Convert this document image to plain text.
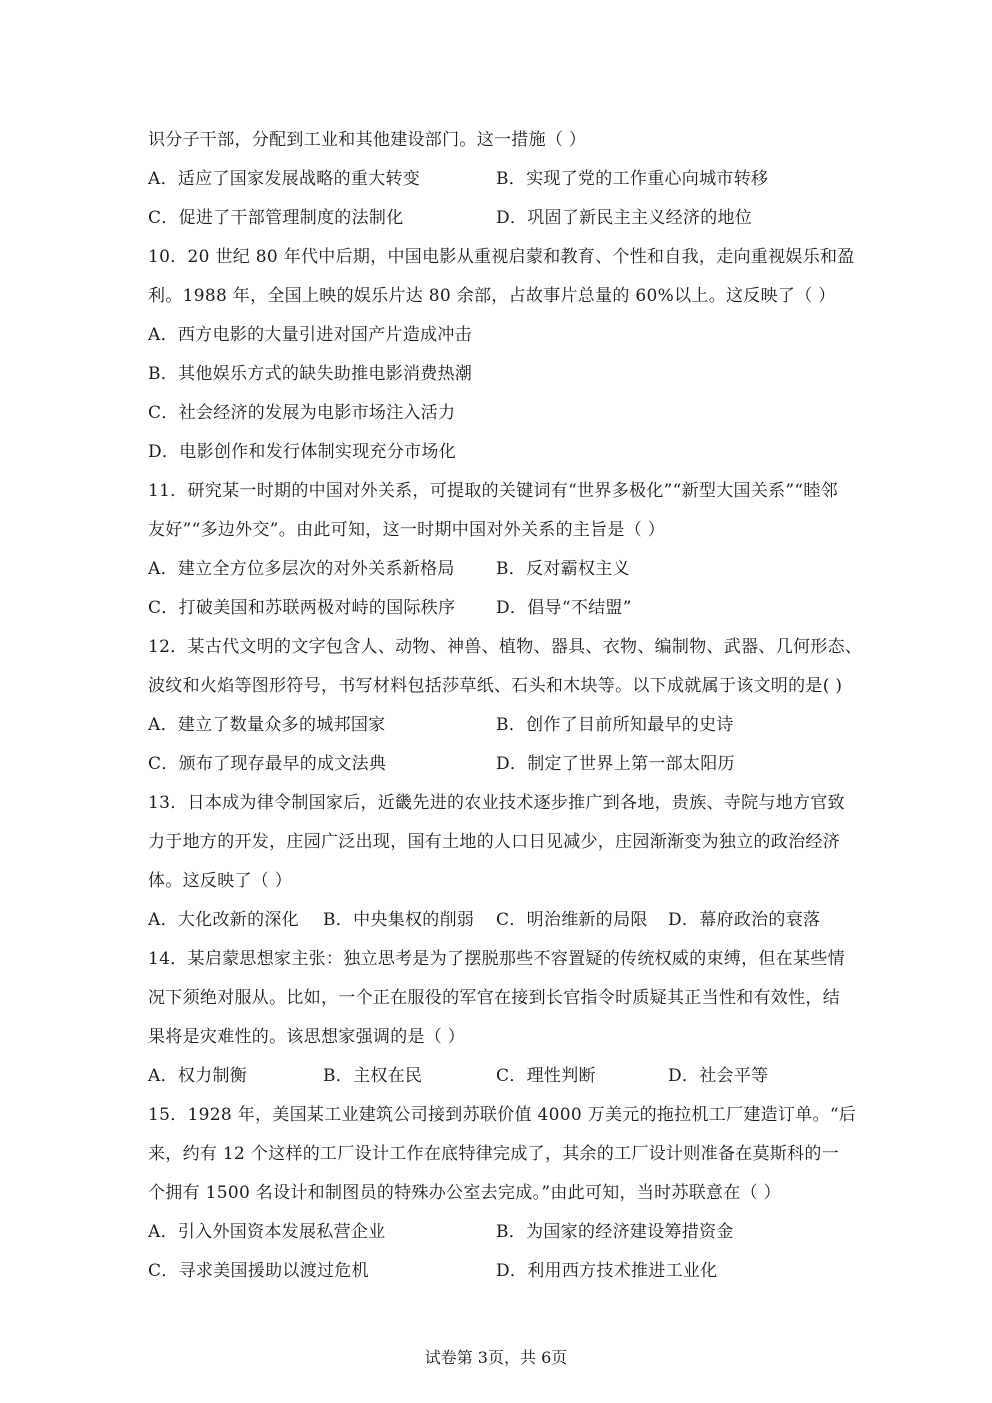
识分子干部，分配到工业和其他建设部门。这一措施（ ）
A．适应了国家发展战略的重大转变	B．实现了党的工作重心向城市转移
C．促进了干部管理制度的法制化	D．巩固了新民主主义经济的地位
10．20 世纪 80 年代中后期，中国电影从重视启蒙和教育、个性和自我，走向重视娱乐和盈
利。1988 年，全国上映的娱乐片达 80 余部，占故事片总量的 60%以上。这反映了（ ）
A．西方电影的大量引进对国产片造成冲击
B．其他娱乐方式的缺失助推电影消费热潮
C．社会经济的发展为电影市场注入活力
D．电影创作和发行体制实现充分市场化
11．研究某一时期的中国对外关系，可提取的关键词有“世界多极化”“新型大国关系”“睦邻
友好”“多边外交”。由此可知，这一时期中国对外关系的主旨是（ ）
A．建立全方位多层次的对外关系新格局 B．反对霸权主义
C．打破美国和苏联两极对峙的国际秩序 D．倡导“不结盟”
12．某古代文明的文字包含人、动物、神兽、植物、器具、衣物、编制物、武器、几何形态、
波纹和火焰等图形符号，书写材料包括莎草纸、石头和木块等。以下成就属于该文明的是( )
A．建立了数量众多的城邦国家	B．创作了目前所知最早的史诗
C．颁布了现存最早的成文法典	D．制定了世界上第一部太阳历
13．日本成为律令制国家后，近畿先进的农业技术逐步推广到各地，贵族、寺院与地方官致
力于地方的开发，庄园广泛出现，国有土地的人口日见减少，庄园渐渐变为独立的政治经济
体。这反映了（ ）
A．大化改新的深化 B．中央集权的削弱 C．明治维新的局限 D．幕府政治的衰落
14．某启蒙思想家主张：独立思考是为了摆脱那些不容置疑的传统权威的束缚，但在某些情
况下须绝对服从。比如，一个正在服役的军官在接到长官指令时质疑其正当性和有效性，结
果将是灾难性的。该思想家强调的是（ ）
A．权力制衡	B．主权在民	C．理性判断	D．社会平等
15．1928 年，美国某工业建筑公司接到苏联价值 4000 万美元的拖拉机工厂建造订单。“后
来，约有 12 个这样的工厂设计工作在底特律完成了，其余的工厂设计则准备在莫斯科的一
个拥有 1500 名设计和制图员的特殊办公室去完成。”由此可知，当时苏联意在（ ）
A．引入外国资本发展私营企业	B．为国家的经济建设筹措资金
C．寻求美国援助以渡过危机	D．利用西方技术推进工业化
试卷第 3页，共 6页
